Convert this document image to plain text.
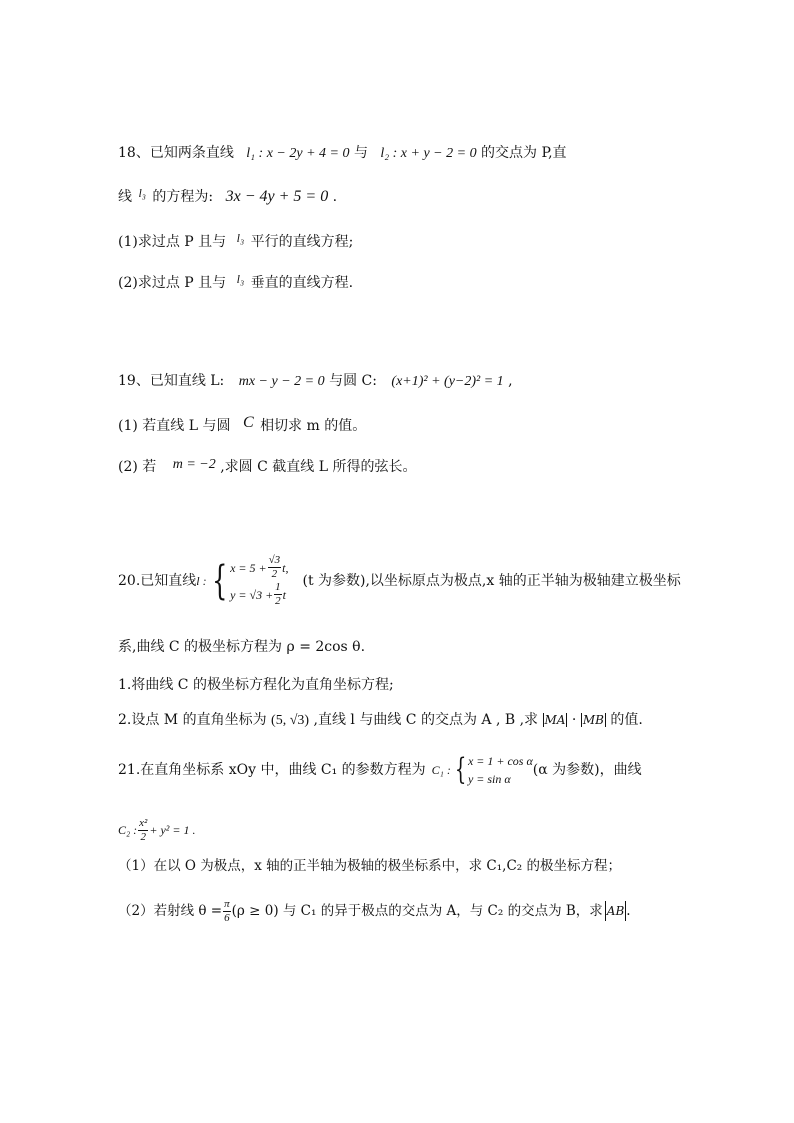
18、已知两条直线 l₁ : x − 2y + 4 = 0 与 l₂ : x + y − 2 = 0 的交点为 P,直
线 l₃ 的方程为: 3x − 4y + 5 = 0 .
(1)求过点 P 且与 l₃ 平行的直线方程;
(2)求过点 P 且与 l₃ 垂直的直线方程.
19、已知直线 L: mx − y − 2 = 0 与圆 C: (x+1)² + (y−2)² = 1 ,
(1) 若直线 L 与圆 C 相切求 m 的值。
(2) 若 m = −2 ,求圆 C 截直线 L 所得的弦长。
20.已知直线 l : { $x = 5 + \frac{√3}{2} t$,
$y = √3 + \frac{1}{2}$ t
(t 为参数),以坐标原点为极点,x 轴的正半轴为极轴建立极坐标
系,曲线 C 的极坐标方程为 ρ = 2cos θ.
1.将曲线 C 的极坐标方程化为直角坐标方程;
2.设点 M 的直角坐标为 (5, √3) ,直线 l 与曲线 C 的交点为 A , B ,求 MA · MB 的值.
21.在直角坐标系 xOy 中，曲线 C₁ 的参数方程为 C₁ : { x = 1 + cos α
y = sin α
(α 为参数)，曲线
C₂ : $\frac{\text{x²}}{2} + y^2 = 1$ .
（1）在以 O 为极点，x 轴的正半轴为极轴的极坐标系中，求 C₁,C₂ 的极坐标方程；
（2）若射线 $\theta = \frac{\pi}{6} (\rho \ge 0)$ 与 C₁ 的异于极点的交点为 A，与 C₂ 的交点为 B，求 AB .
